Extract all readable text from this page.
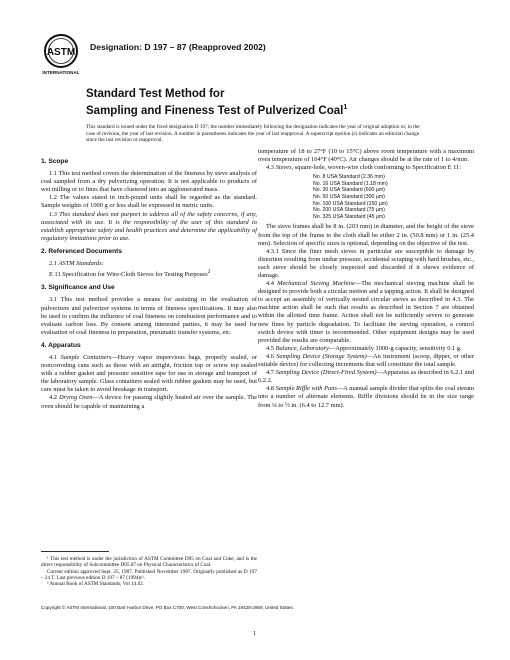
ASTM
INTERNATIONAL
Designation: D 197 – 87 (Reapproved 2002)
Standard Test Method for
Sampling and Fineness Test of Pulverized Coal$^1$
This standard is issued under the fixed designation D 197; the number immediately following the designation indicates the year of original adoption or, in the case of revision, the year of last revision. A number in parentheses indicates the year of last reapproval. A superscript epsilon (ε) indicates an editorial change since the last revision or reapproval.
1. Scope

1.1 This test method covers the determination of the fineness by sieve analysis of coal sampled from a dry pulverizing operation. It is not applicable to products of wet milling or to fines that have clustered into an agglomerated mass.

1.2 The values stated in inch-pound units shall be regarded as the standard. Sample weights of 1000 g or less shall be expressed in metric units.

1.3 This standard does not purport to address all of the safety concerns, if any, associated with its use. It is the responsibility of the user of this standard to establish appropriate safety and health practices and determine the applicability of regulatory limitations prior to use.

2. Referenced Documents

2.1 ASTM Standards:

E 11 Specification for Wire-Cloth Sieves for Testing Purposes$^2$

3. Significance and Use

3.1 This test method provides a means for assisting in the evaluation of pulverizers and pulverizer systems in terms of fineness specifications. It may also be used to confirm the influence of coal fineness on combustion performance and to evaluate carbon loss. By consent among interested parties, it may be used for evaluation of coal fineness in preparation, pneumatic transfer systems, etc.

4. Apparatus

4.1 Sample Containers—Heavy vapor impervious bags, properly sealed, or noncorroding cans such as those with an airtight, friction top or screw top sealed with a rubber gasket and pressure sensitive tape for use in storage and transport of the laboratory sample. Glass containers sealed with rubber gaskets may be used, but care must be taken to avoid breakage in transport.

4.2 Drying Oven—A device for passing slightly heated air over the sample. The oven should be capable of maintaining a

temperature of 18 to 27°F (10 to 15°C) above room temperature with a maximum oven temperature of 104°F (40°C). Air changes should be at the rate of 1 to 4/min.

4.3 Sieves, square-hole, woven-wire cloth conforming to Specification E 11:

No. 8 USA Standard (2.36 mm)
No. 16 USA Standard (1.18 mm)
No. 30 USA Standard (600 µm)
No. 50 USA Standard (300 µm)
No. 100 USA Standard (150 µm)
No. 200 USA Standard (75 µm)
No. 325 USA Standard (45 µm)

The sieve frames shall be 8 in. (203 mm) in diameter, and the height of the sieve from the top of the frame to the cloth shall be either 2 in. (50.8 mm) or 1 in. (25.4 mm). Selection of specific sizes is optional, depending on the objective of the test.

4.3.1 Since the finer mesh sieves in particular are susceptible to damage by distortion resulting from undue pressure, accidental scraping with hard brushes, etc., each sieve should be closely inspected and discarded if it shows evidence of damage.

4.4 Mechanical Sieving Machine—The mechanical sieving machine shall be designed to provide both a circular motion and a tapping action. It shall be designed to accept an assembly of vertically nested circular sieves as described in 4.3. The machine action shall be such that results as described in Section 7 are obtained within the allotted time frame. Action shall not be sufficiently severe to generate new fines by particle degradation. To facilitate the sieving operation, a control switch device with timer is recommended. Other equipment designs may be used provided the results are comparable.

4.5 Balance, Laboratory—Approximately 1000-g capacity, sensitivity 0.1 g.

4.6 Sampling Device (Storage System)—An instrument (scoop, dipper, or other suitable device) for collecting increments that will constitute the total sample.

4.7 Sampling Device (Direct-Fired System)—Apparatus as described in 6.2.1 and 6.2.2.

4.8 Sample Riffle with Pans—A manual sample divider that splits the coal stream into a number of alternate elements. Riffle divisions should be in the size range from ¼ to ½ in. (6.4 to 12.7 mm).

¹ This test method is under the jurisdiction of ASTM Committee D05 on Coal and Coke, and is the direct responsibility of Subcommittee D05.07 on Physical Characteristics of Coal.

Current edition approved Sept. 25, 1987. Published November 1987. Originally published as D 197 – 24 T. Last previous edition D 197 – 87 (1994)ε¹.

² Annual Book of ASTM Standards, Vol 14.02.

Copyright © ASTM International, 100 Barr Harbor Drive, PO Box C700, West Conshohocken, PA 19428-2959, United States.
1
